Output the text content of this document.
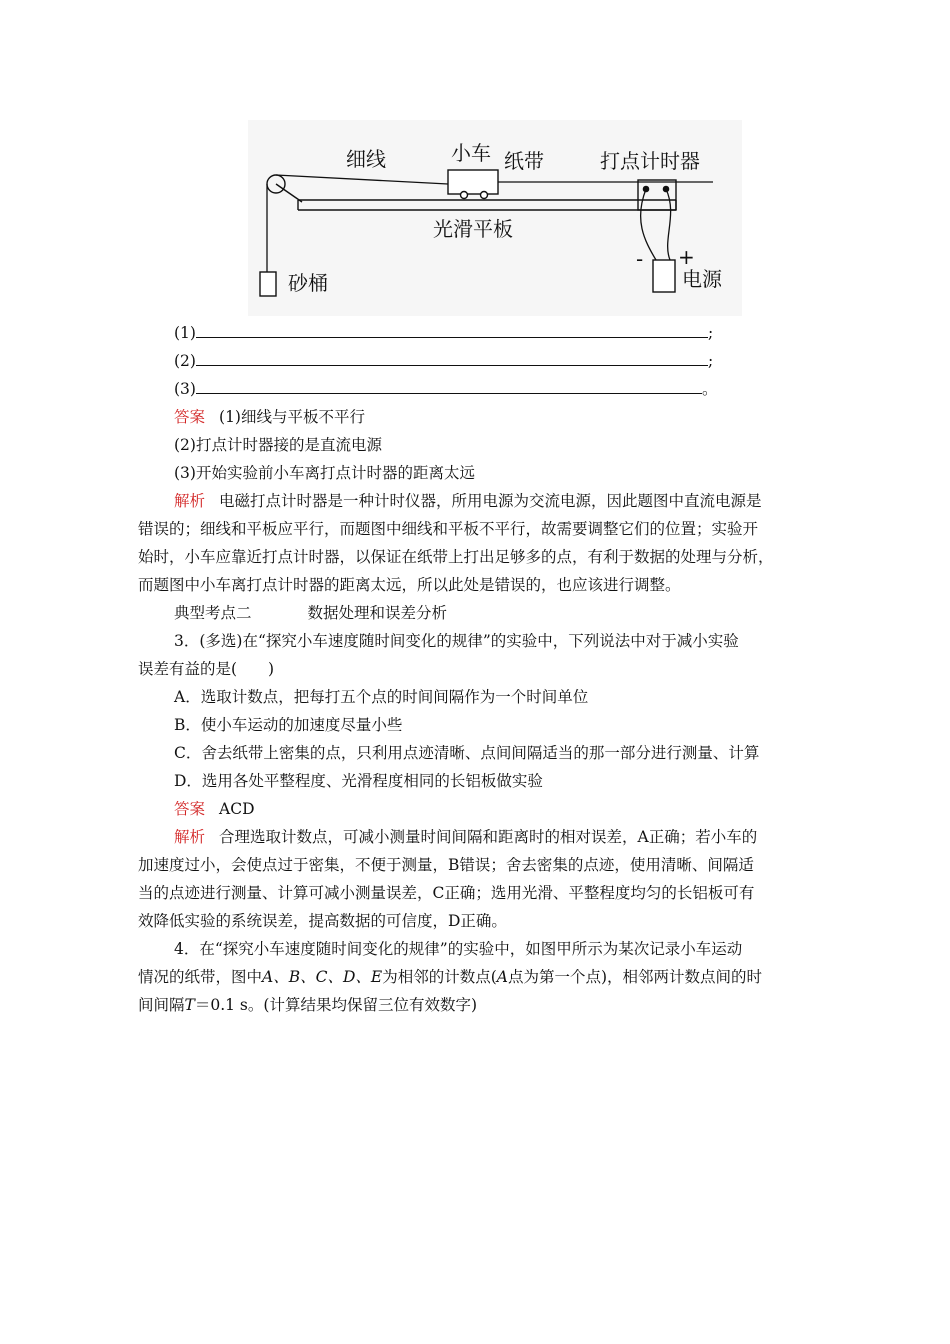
细线	小车 纸带	打点计时器
光滑平板
砂桶	电源
- +
(1)	;
(2)	;
(3)	。
答案 (1)细线与平板不平行
(2)打点计时器接的是直流电源
(3)开始实验前小车离打点计时器的距离太远
解析 电磁打点计时器是一种计时仪器，所用电源为交流电源，因此题图中直流电源是
错误的；细线和平板应平行，而题图中细线和平板不平行，故需要调整它们的位置；实验开
始时，小车应靠近打点计时器，以保证在纸带上打出足够多的点，有利于数据的处理与分析，
而题图中小车离打点计时器的距离太远，所以此处是错误的，也应该进行调整。
典型考点二	数据处理和误差分析
3．(多选)在“探究小车速度随时间变化的规律”的实验中，下列说法中对于减小实验
误差有益的是(　　)
A．选取计数点，把每打五个点的时间间隔作为一个时间单位
B．使小车运动的加速度尽量小些
C．舍去纸带上密集的点，只利用点迹清晰、点间间隔适当的那一部分进行测量、计算
D．选用各处平整程度、光滑程度相同的长铝板做实验
答案 ACD
解析 合理选取计数点，可减小测量时间间隔和距离时的相对误差，A正确；若小车的
加速度过小，会使点过于密集，不便于测量，B错误；舍去密集的点迹，使用清晰、间隔适
当的点迹进行测量、计算可减小测量误差，C正确；选用光滑、平整程度均匀的长铝板可有
效降低实验的系统误差，提高数据的可信度，D正确。
4．在“探究小车速度随时间变化的规律”的实验中，如图甲所示为某次记录小车运动
情况的纸带，图中A、B、C、D、E为相邻的计数点(A点为第一个点)，相邻两计数点间的时
间间隔T＝0.1 s。(计算结果均保留三位有效数字)
